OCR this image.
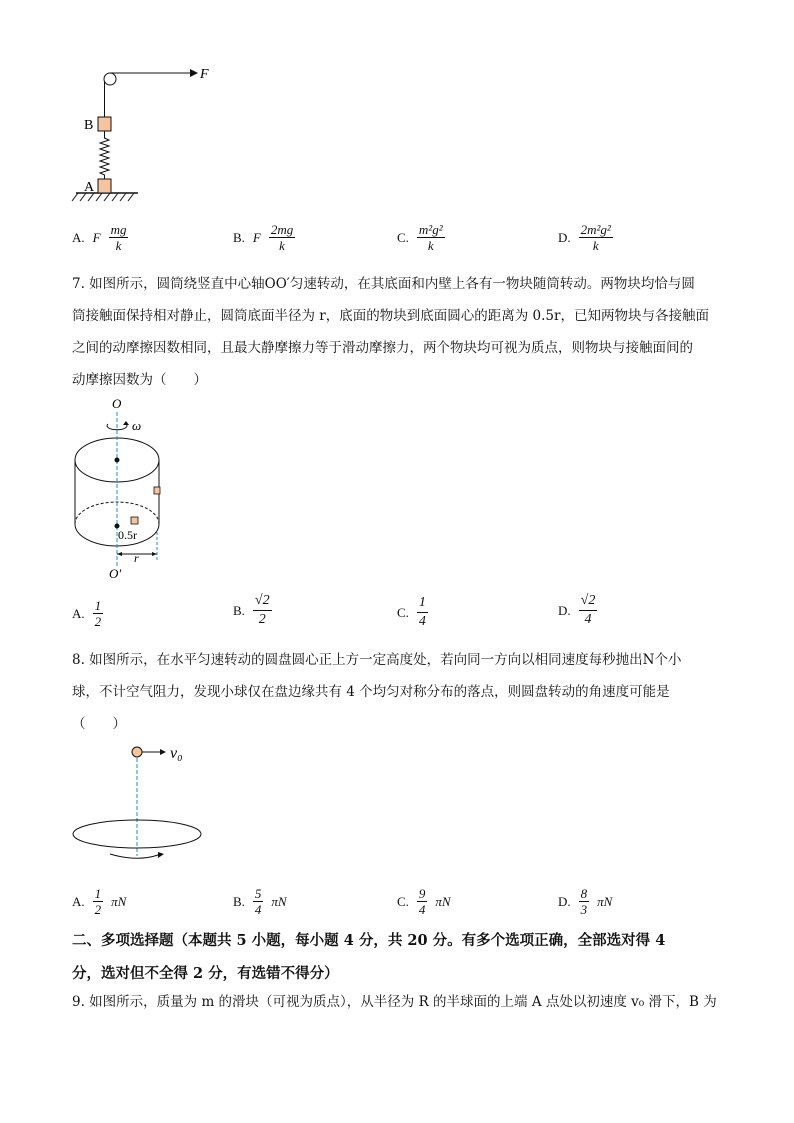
F
B
A
A. F $\frac{mg}{k}$	B. F $\frac{2mg}{k}$	C. $\frac{\text{m²g²}}{k}$	D. $\frac{\text{2m²g²}}{k}$
7. 如图所示，圆筒绕竖直中心轴OO′匀速转动，在其底面和内壁上各有一物块随筒转动。两物块均恰与圆
筒接触面保持相对静止，圆筒底面半径为 r，底面的物块到底面圆心的距离为 0.5r，已知两物块与各接触面
之间的动摩擦因数相同，且最大静摩擦力等于滑动摩擦力，两个物块均可视为质点，则物块与接触面间的
动摩擦因数为（　　）
O
ω
0.5r
r
O′
A. $\frac{1}{2}$	B. $\frac{√2}{2}$	C. $\frac{1}{4}$	D. $\frac{√2}{4}$
8. 如图所示，在水平匀速转动的圆盘圆心正上方一定高度处，若向同一方向以相同速度每秒抛出N个小
球，不计空气阻力，发现小球仅在盘边缘共有 4 个均匀对称分布的落点，则圆盘转动的角速度可能是
（　　）
v₀
A. $\frac{1}{2}$ πN	B. $\frac{5}{4}$ πN	C. $\frac{9}{4}$ πN	D. $\frac{8}{3}$ πN
二、多项选择题（本题共 5 小题，每小题 4 分，共 20 分。有多个选项正确，全部选对得 4
分，选对但不全得 2 分，有选错不得分）
9. 如图所示，质量为 m 的滑块（可视为质点），从半径为 R 的半球面的上端 A 点处以初速度 v₀ 滑下，B 为
